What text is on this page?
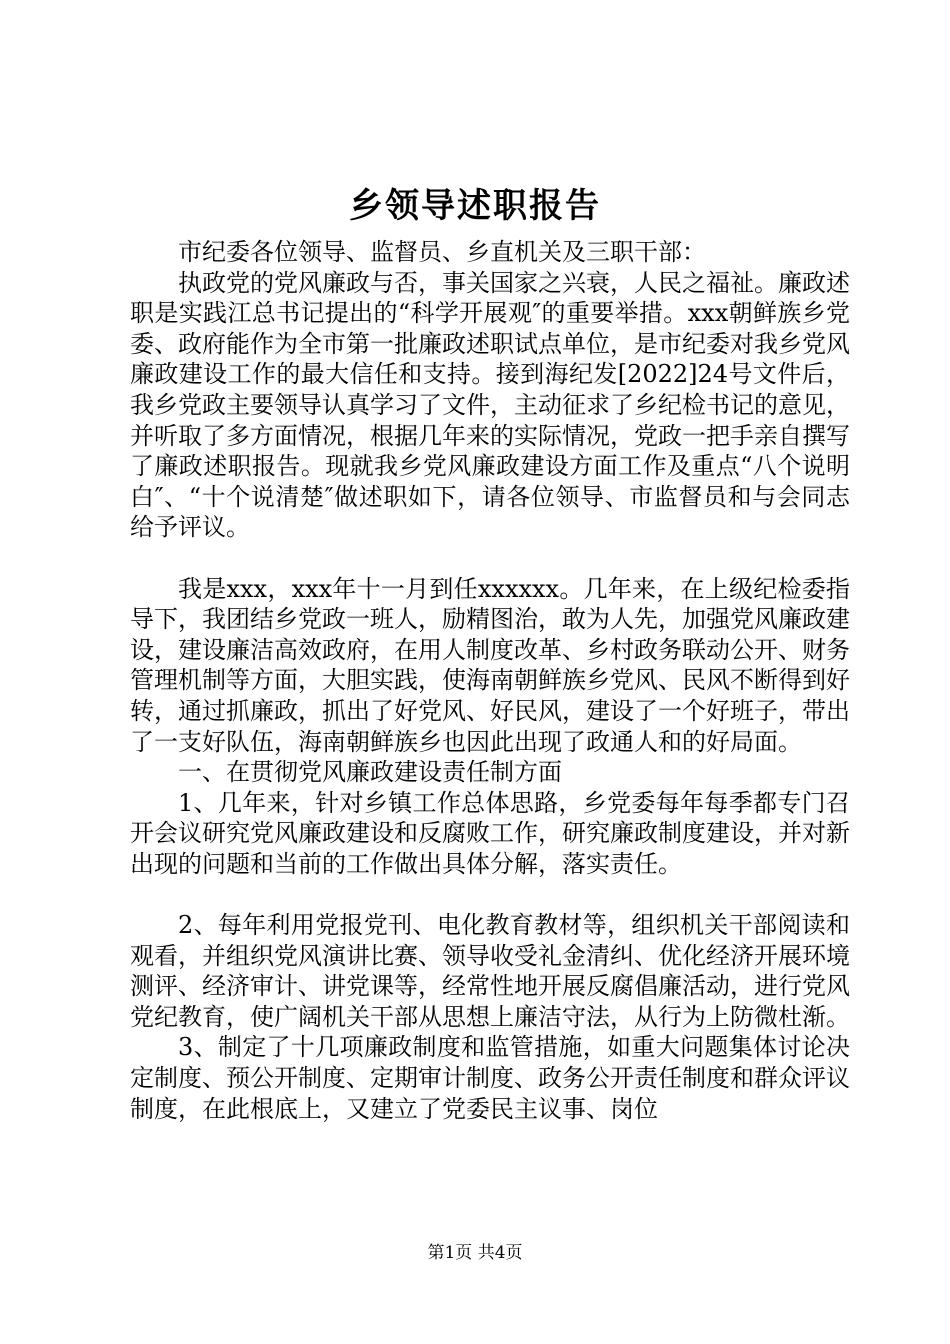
乡领导述职报告

市纪委各位领导、监督员、乡直机关及三职干部：

执政党的党风廉政与否，事关国家之兴衰，人民之福祉。廉政述职是实践江总书记提出的“科学开展观″的重要举措。xxx朝鲜族乡党委、政府能作为全市第一批廉政述职试点单位，是市纪委对我乡党风廉政建设工作的最大信任和支持。接到海纪发[2022]24号文件后，我乡党政主要领导认真学习了文件，主动征求了乡纪检书记的意见，并听取了多方面情况，根据几年来的实际情况，党政一把手亲自撰写了廉政述职报告。现就我乡党风廉政建设方面工作及重点“八个说明白″、“十个说清楚″做述职如下，请各位领导、市监督员和与会同志给予评议。

我是xxx，xxx年十一月到任xxxxxx。几年来，在上级纪检委指导下，我团结乡党政一班人，励精图治，敢为人先，加强党风廉政建设，建设廉洁高效政府，在用人制度改革、乡村政务联动公开、财务管理机制等方面，大胆实践，使海南朝鲜族乡党风、民风不断得到好转，通过抓廉政，抓出了好党风、好民风，建设了一个好班子，带出了一支好队伍，海南朝鲜族乡也因此出现了政通人和的好局面。

一、在贯彻党风廉政建设责任制方面

1、几年来，针对乡镇工作总体思路，乡党委每年每季都专门召开会议研究党风廉政建设和反腐败工作，研究廉政制度建设，并对新出现的问题和当前的工作做出具体分解，落实责任。

2、每年利用党报党刊、电化教育教材等，组织机关干部阅读和观看，并组织党风演讲比赛、领导收受礼金清纠、优化经济开展环境测评、经济审计、讲党课等，经常性地开展反腐倡廉活动，进行党风党纪教育，使广阔机关干部从思想上廉洁守法，从行为上防微杜渐。

3、制定了十几项廉政制度和监管措施，如重大问题集体讨论决定制度、预公开制度、定期审计制度、政务公开责任制度和群众评议制度，在此根底上，又建立了党委民主议事、岗位

第1页 共4页
